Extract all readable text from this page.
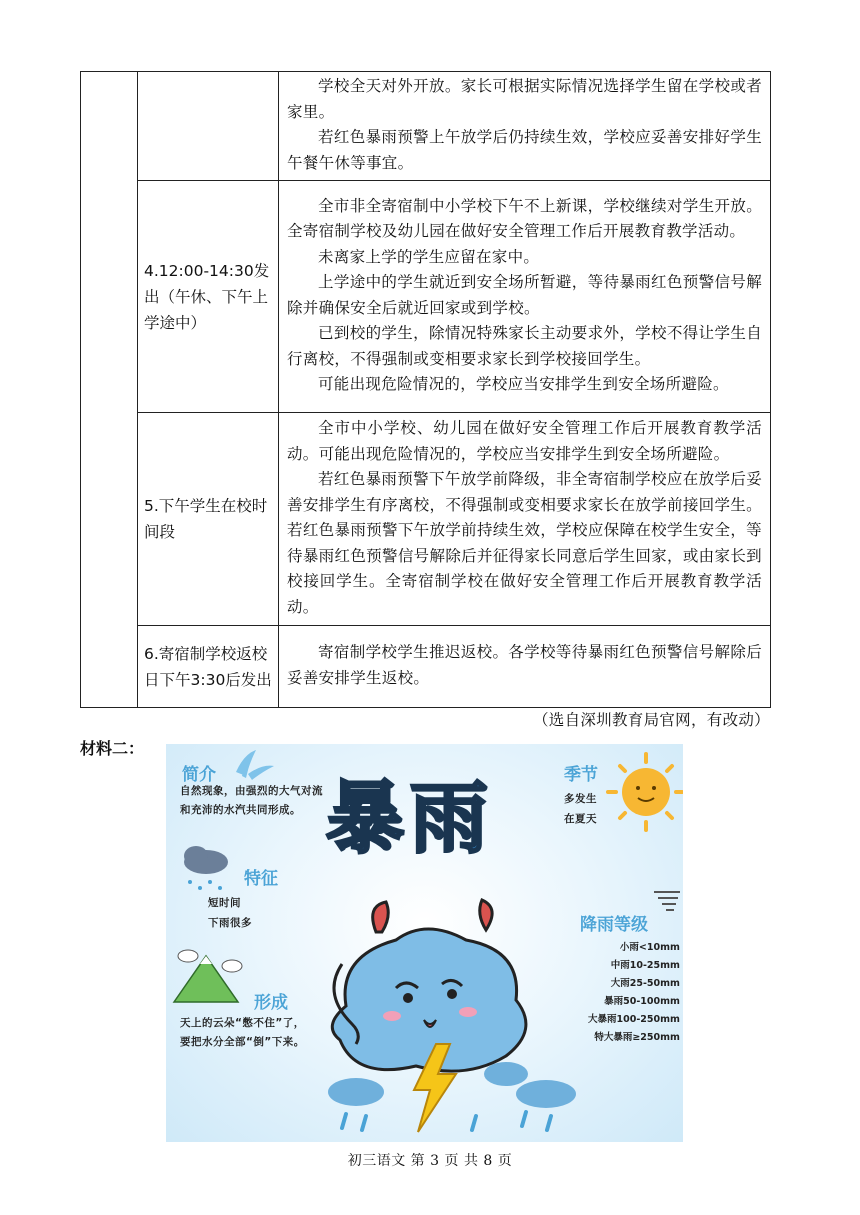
		学校全天对外开放。家长可根据实际情况选择学生留在学校或者家里。

若红色暴雨预警上午放学后仍持续生效，学校应妥善安排好学生午餐午休等事宜。

	4.12:00-14:30发出（午休、下午上学途中）	全市非全寄宿制中小学校下午不上新课，学校继续对学生开放。全寄宿制学校及幼儿园在做好安全管理工作后开展教育教学活动。

未离家上学的学生应留在家中。

上学途中的学生就近到安全场所暂避，等待暴雨红色预警信号解除并确保安全后就近回家或到学校。

已到校的学生，除情况特殊家长主动要求外，学校不得让学生自行离校，不得强制或变相要求家长到学校接回学生。

可能出现危险情况的，学校应当安排学生到安全场所避险。

	5.下午学生在校时间段	全市中小学校、幼儿园在做好安全管理工作后开展教育教学活动。可能出现危险情况的，学校应当安排学生到安全场所避险。

若红色暴雨预警下午放学前降级，非全寄宿制学校应在放学后妥善安排学生有序离校，不得强制或变相要求家长在放学前接回学生。若红色暴雨预警下午放学前持续生效，学校应保障在校学生安全，等待暴雨红色预警信号解除后并征得家长同意后学生回家，或由家长到校接回学生。全寄宿制学校在做好安全管理工作后开展教育教学活动。

	6.寄宿制学校返校日下午3:30后发出	寄宿制学校学生推迟返校。各学校等待暴雨红色预警信号解除后妥善安排学生返校。

（选自深圳教育局官网，有改动）
材料二：
暴雨
简介
自然现象，由强烈的大气对流和充沛的水汽共同形成。
季节
多发生
在夏天
特征
短时间
下雨很多
形成
天上的云朵“憋不住”了，要把水分全部“倒”下来。
降雨等级
小雨<10mm
中雨10-25mm
大雨25-50mm
暴雨50-100mm
大暴雨100-250mm
特大暴雨≥250mm
初三语文 第 3 页 共 8 页
